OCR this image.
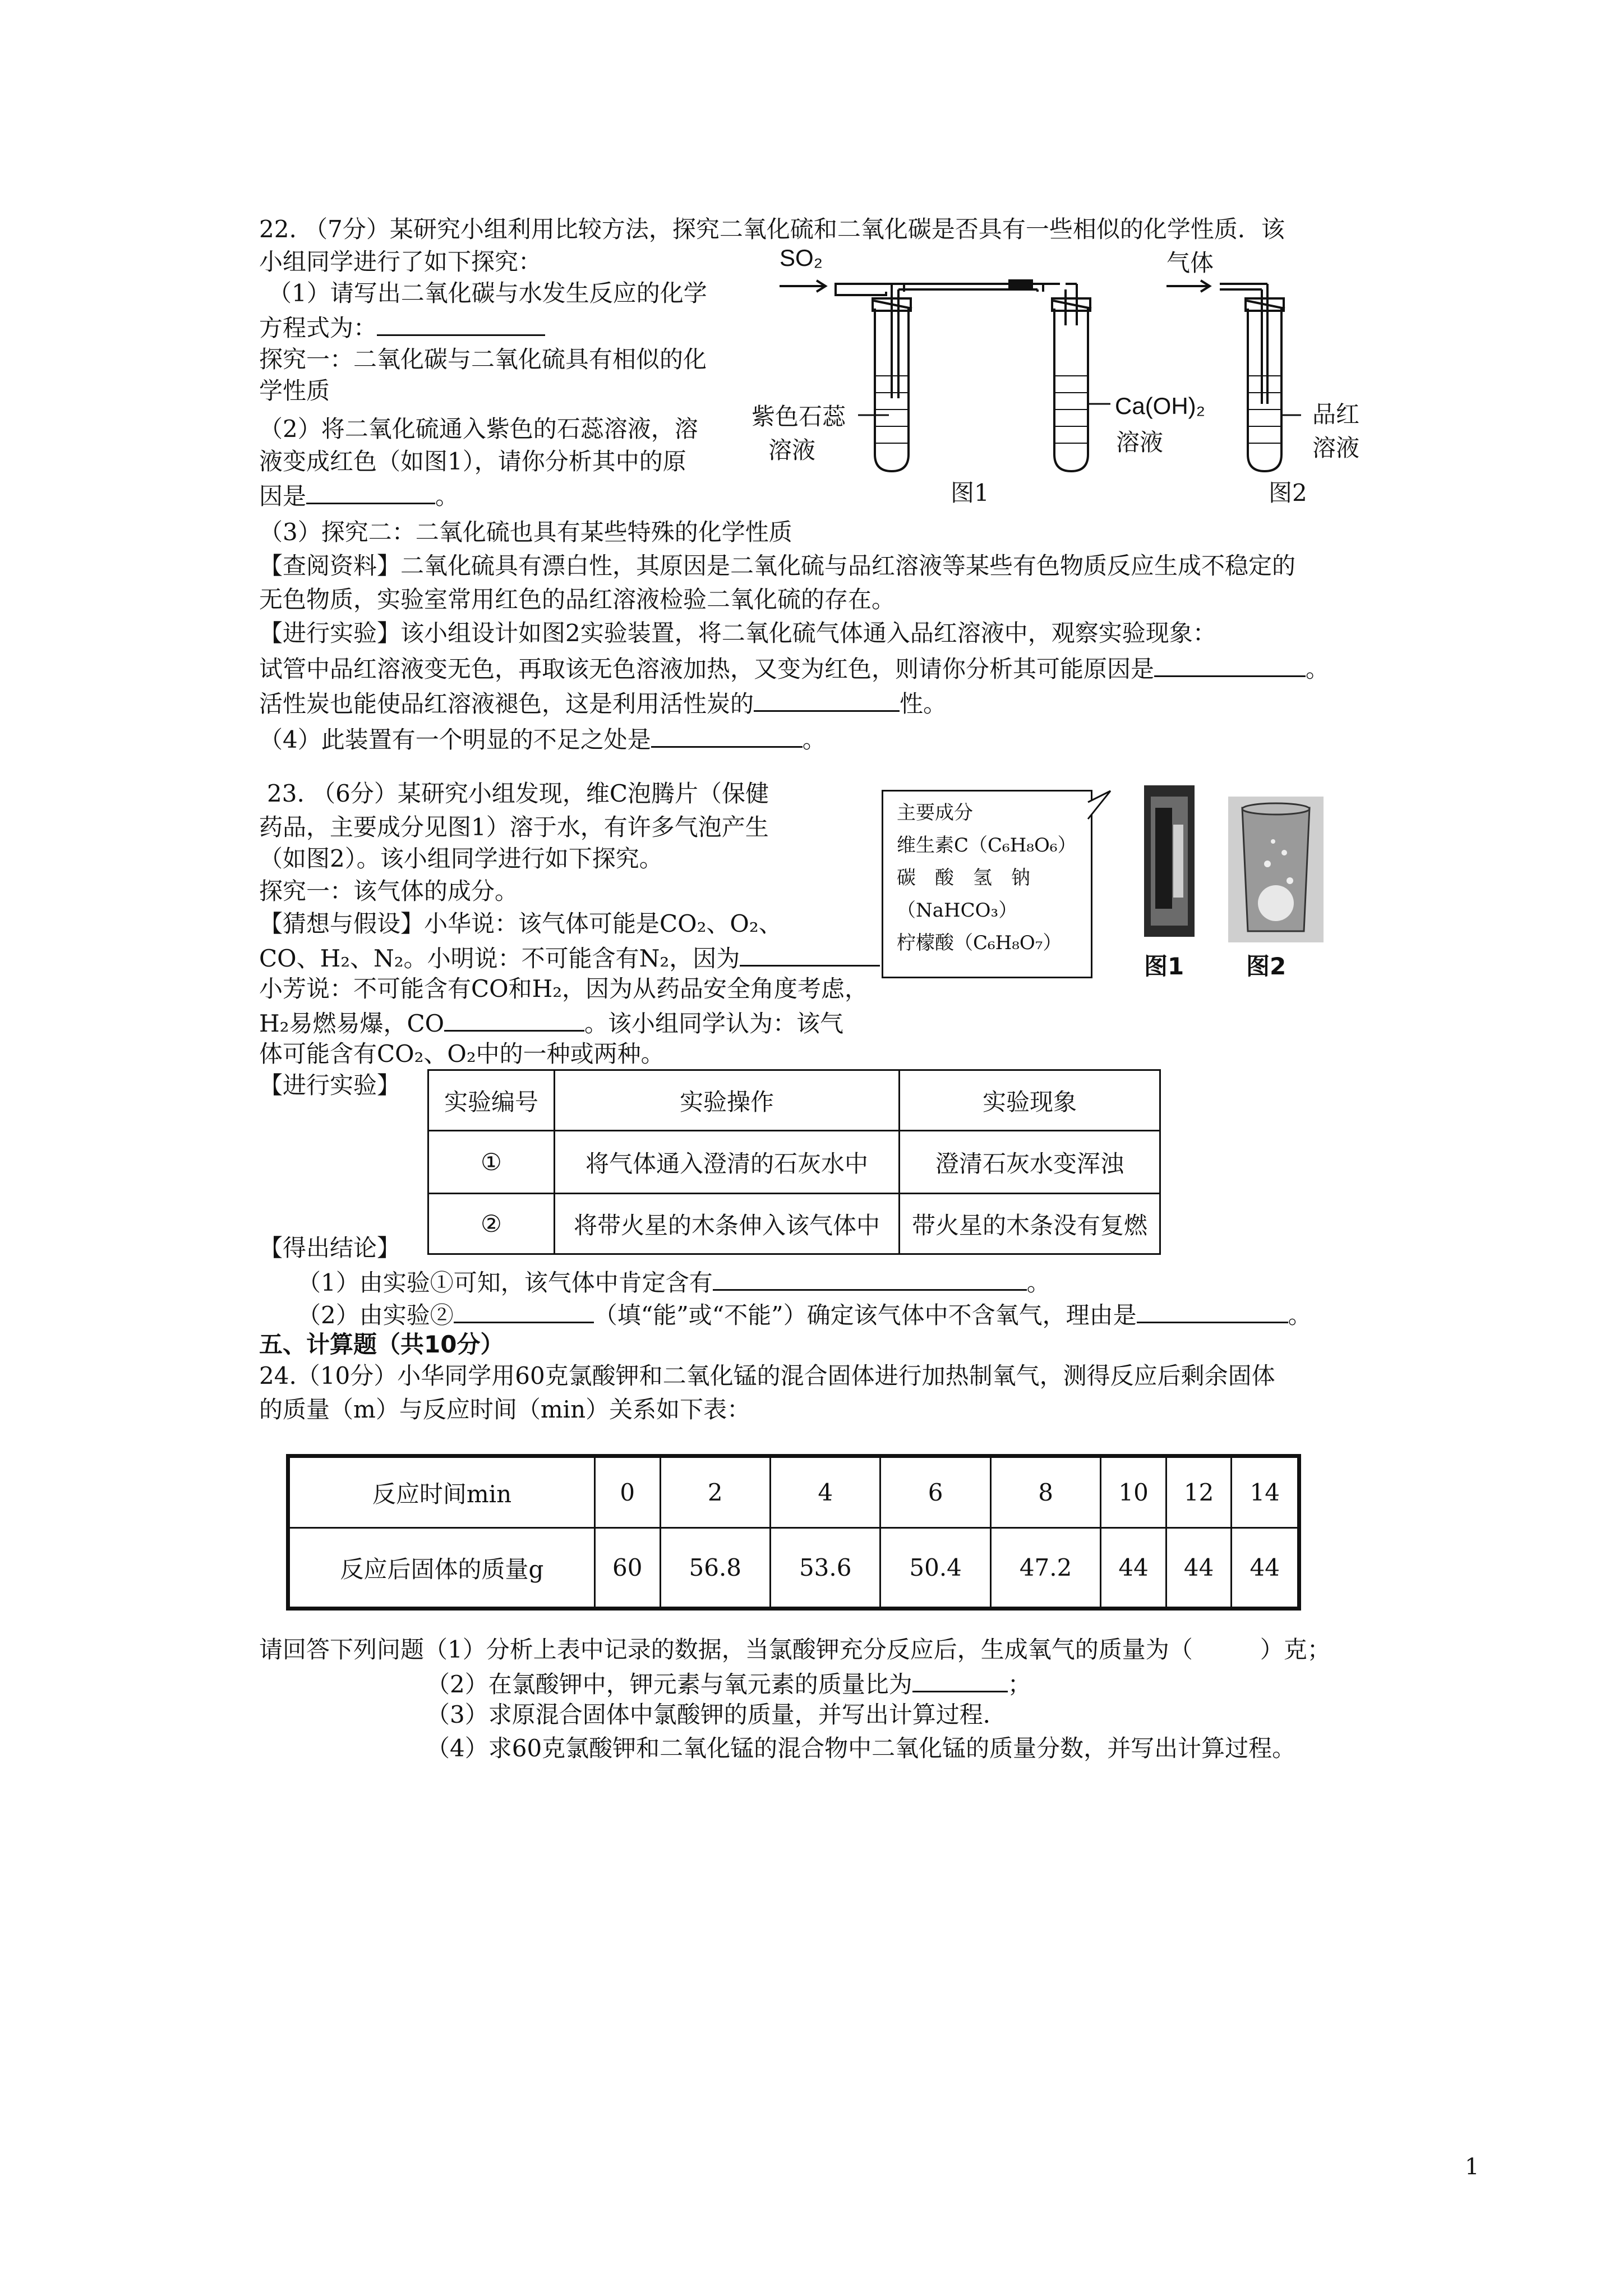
22. （7分）某研究小组利用比较方法，探究二氧化硫和二氧化碳是否具有一些相似的化学性质．该
小组同学进行了如下探究：
（1）请写出二氧化碳与水发生反应的化学
方程式为：
探究一：二氧化碳与二氧化硫具有相似的化
学性质
（2）将二氧化硫通入紫色的石蕊溶液，溶
液变成红色（如图1），请你分析其中的原
因是	。
（3）探究二：二氧化硫也具有某些特殊的化学性质
【查阅资料】二氧化硫具有漂白性，其原因是二氧化硫与品红溶液等某些有色物质反应生成不稳定的
无色物质，实验室常用红色的品红溶液检验二氧化硫的存在。
【进行实验】该小组设计如图2实验装置，将二氧化硫气体通入品红溶液中，观察实验现象：
试管中品红溶液变无色，再取该无色溶液加热，又变为红色，则请你分析其可能原因是	。
活性炭也能使品红溶液褪色，这是利用活性炭的	性。
（4）此装置有一个明显的不足之处是	。
SO₂	气体
紫色石蕊
溶液
Ca(OH)₂
溶液
品红
溶液
图1	图2
23. （6分）某研究小组发现，维C泡腾片（保健
药品，主要成分见图1）溶于水，有许多气泡产生
（如图2）。该小组同学进行如下探究。
探究一：该气体的成分。
【猜想与假设】小华说：该气体可能是CO₂、O₂、
CO、H₂、N₂。小明说：不可能含有N₂，因为
小芳说：不可能含有CO和H₂，因为从药品安全角度考虑，
H₂易燃易爆，CO	。该小组同学认为：该气
体可能含有CO₂、O₂中的一种或两种。
【进行实验】
主要成分
维生素C（C₆H₈O₆）
碳　酸　氢　钠
（NaHCO₃）
柠檬酸（C₆H₈O₇）
图1	图2
实验编号	实验操作	实验现象
①	将气体通入澄清的石灰水中	澄清石灰水变浑浊
②	将带火星的木条伸入该气体中	带火星的木条没有复燃
【得出结论】
（1）由实验①可知，该气体中肯定含有	。
（2）由实验②	（填“能”或“不能”）确定该气体中不含氧气，理由是	。
五、计算题（共10分）
24.（10分）小华同学用60克氯酸钾和二氧化锰的混合固体进行加热制氧气，测得反应后剩余固体
的质量（m）与反应时间（min）关系如下表：
反应时间min	0	2	4	6	8	10	12	14
反应后固体的质量g	60	56.8	53.6	50.4	47.2	44	44	44
请回答下列问题（1）分析上表中记录的数据，当氯酸钾充分反应后，生成氧气的质量为（	）克；
（2）在氯酸钾中，钾元素与氧元素的质量比为	；
（3）求原混合固体中氯酸钾的质量，并写出计算过程．
（4）求60克氯酸钾和二氧化锰的混合物中二氧化锰的质量分数，并写出计算过程。
1
